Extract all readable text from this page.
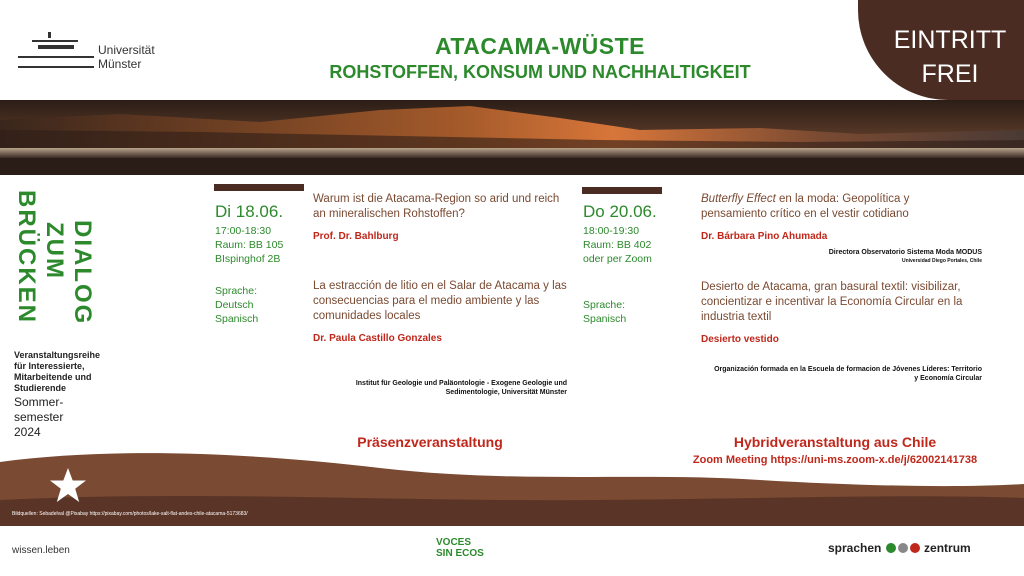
Universität
Münster
ATACAMA-WÜSTE
ROHSTOFFEN, KONSUM UND NACHHALTIGKEIT
EINTRITT
FREI
BRÜCKEN ZUM DIALOG
Veranstaltungsreihe für Interessierte, Mitarbeitende und Studierende
Sommer-
semester
2024
Di 18.06.
17:00-18:30
Raum: BB 105
BIspinghof 2B
Sprache:
Deutsch
Spanisch
Warum ist die Atacama-Region so arid und reich an mineralischen Rohstoffen?
Prof. Dr. Bahlburg
La estracción de litio en el Salar de Atacama y las consecuencias para el medio ambiente y las comunidades locales
Dr. Paula Castillo Gonzales
Institut für Geologie und Paläontologie - Exogene Geologie und
Sedimentologie, Universität Münster
Präsenzveranstaltung
Do 20.06.
18:00-19:30
Raum: BB 402
oder per Zoom
Sprache:
Spanisch
Butterfly Effect en la moda: Geopolítica y pensamiento crítico en el vestir cotidiano
Dr. Bárbara Pino Ahumada
Directora Observatorio Sistema Moda MODUS
Universidad Diego Portales, Chile
Desierto de Atacama, gran basural textil: visibilizar, concientizar e incentivar la Economía Circular en la industria textil
Desierto vestido
Organización formada en la Escuela de formacion de Jóvenes Líderes: Territorio
y Economía Circular
Hybridveranstaltung aus Chile
Zoom Meeting https://uni-ms.zoom-x.de/j/62002141738
Bildquellen: Sebadelval @Pixabay https://pixabay.com/photos/lake-salt-flat-andes-chile-atacama-5173683/
wissen.leben
VOCES
SIN ECOS	sprachen	zentrum
